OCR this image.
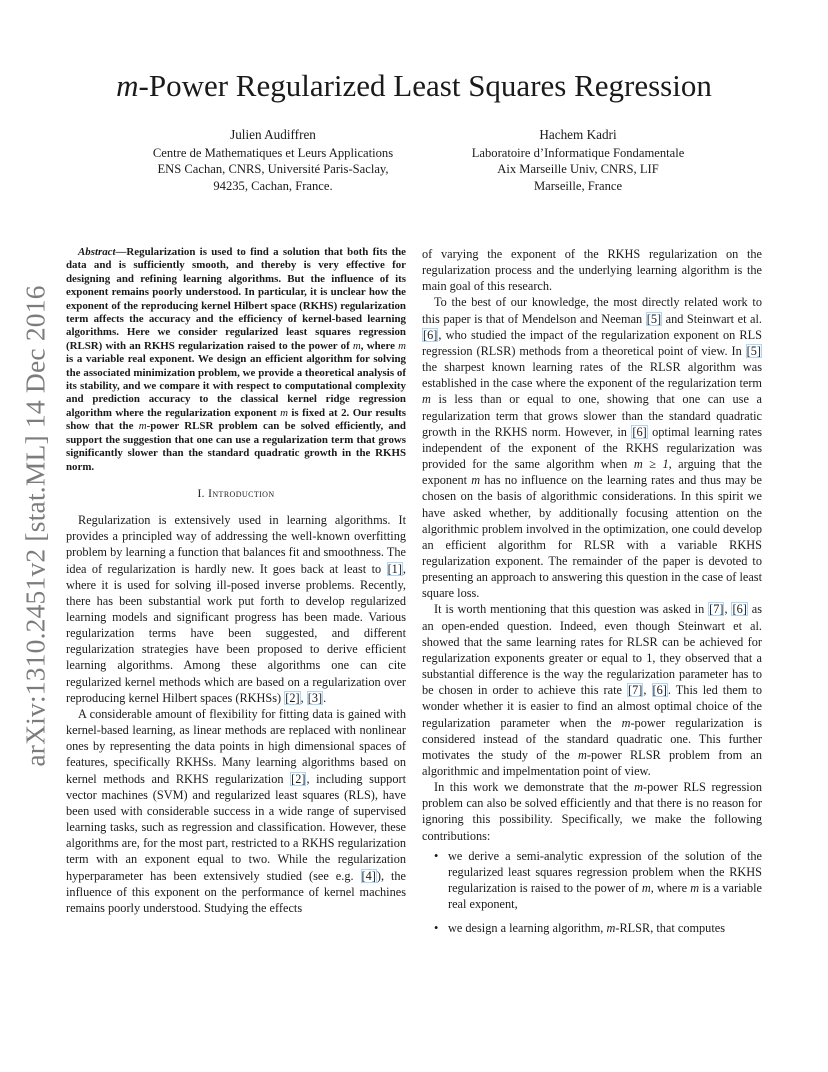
arXiv:1310.2451v2 [stat.ML] 14 Dec 2016
m-Power Regularized Least Squares Regression
Julien Audiffren
Centre de Mathematiques et Leurs Applications
ENS Cachan, CNRS, Université Paris-Saclay,
94235, Cachan, France.
Hachem Kadri
Laboratoire d’Informatique Fondamentale
Aix Marseille Univ, CNRS, LIF
Marseille, France

Abstract—Regularization is used to find a solution that both fits the data and is sufficiently smooth, and thereby is very effective for designing and refining learning algorithms. But the influence of its exponent remains poorly understood. In particular, it is unclear how the exponent of the reproducing kernel Hilbert space (RKHS) regularization term affects the accuracy and the efficiency of kernel-based learning algorithms. Here we consider regularized least squares regression (RLSR) with an RKHS regularization raised to the power of m, where m is a variable real exponent. We design an efficient algorithm for solving the associated minimization problem, we provide a theoretical analysis of its stability, and we compare it with respect to computational complexity and prediction accuracy to the classical kernel ridge regression algorithm where the regularization exponent m is fixed at 2. Our results show that the m-power RLSR problem can be solved efficiently, and support the suggestion that one can use a regularization term that grows significantly slower than the standard quadratic growth in the RKHS norm.

I. Introduction

Regularization is extensively used in learning algorithms. It provides a principled way of addressing the well-known overfitting problem by learning a function that balances fit and smoothness. The idea of regularization is hardly new. It goes back at least to [1], where it is used for solving ill-posed inverse problems. Recently, there has been substantial work put forth to develop regularized learning models and significant progress has been made. Various regularization terms have been suggested, and different regularization strategies have been proposed to derive efficient learning algorithms. Among these algorithms one can cite regularized kernel methods which are based on a regularization over reproducing kernel Hilbert spaces (RKHSs) [2], [3].

A considerable amount of flexibility for fitting data is gained with kernel-based learning, as linear methods are replaced with nonlinear ones by representing the data points in high dimensional spaces of features, specifically RKHSs. Many learning algorithms based on kernel methods and RKHS regularization [2], including support vector machines (SVM) and regularized least squares (RLS), have been used with considerable success in a wide range of supervised learning tasks, such as regression and classification. However, these algorithms are, for the most part, restricted to a RKHS regularization term with an exponent equal to two. While the regularization hyperparameter has been extensively studied (see e.g. [4]), the influence of this exponent on the performance of kernel machines remains poorly understood. Studying the effects

of varying the exponent of the RKHS regularization on the regularization process and the underlying learning algorithm is the main goal of this research.

To the best of our knowledge, the most directly related work to this paper is that of Mendelson and Neeman [5] and Steinwart et al. [6], who studied the impact of the regularization exponent on RLS regression (RLSR) methods from a theoretical point of view. In [5] the sharpest known learning rates of the RLSR algorithm was established in the case where the exponent of the regularization term m is less than or equal to one, showing that one can use a regularization term that grows slower than the standard quadratic growth in the RKHS norm. However, in [6] optimal learning rates independent of the exponent of the RKHS regularization was provided for the same algorithm when m ≥ 1, arguing that the exponent m has no influence on the learning rates and thus may be chosen on the basis of algorithmic considerations. In this spirit we have asked whether, by additionally focusing attention on the algorithmic problem involved in the optimization, one could develop an efficient algorithm for RLSR with a variable RKHS regularization exponent. The remainder of the paper is devoted to presenting an approach to answering this question in the case of least square loss.

It is worth mentioning that this question was asked in [7], [6] as an open-ended question. Indeed, even though Steinwart et al. showed that the same learning rates for RLSR can be achieved for regularization exponents greater or equal to 1, they observed that a substantial difference is the way the regularization parameter has to be chosen in order to achieve this rate [7], [6]. This led them to wonder whether it is easier to find an almost optimal choice of the regularization parameter when the m-power regularization is considered instead of the standard quadratic one. This further motivates the study of the m-power RLSR problem from an algorithmic and impelmentation point of view.

In this work we demonstrate that the m-power RLS regression problem can also be solved efficiently and that there is no reason for ignoring this possibility. Specifically, we make the following contributions:

• we derive a semi-analytic expression of the solution of the regularized least squares regression problem when the RKHS regularization is raised to the power of m, where m is a variable real exponent,
• we design a learning algorithm, m-RLSR, that computes
